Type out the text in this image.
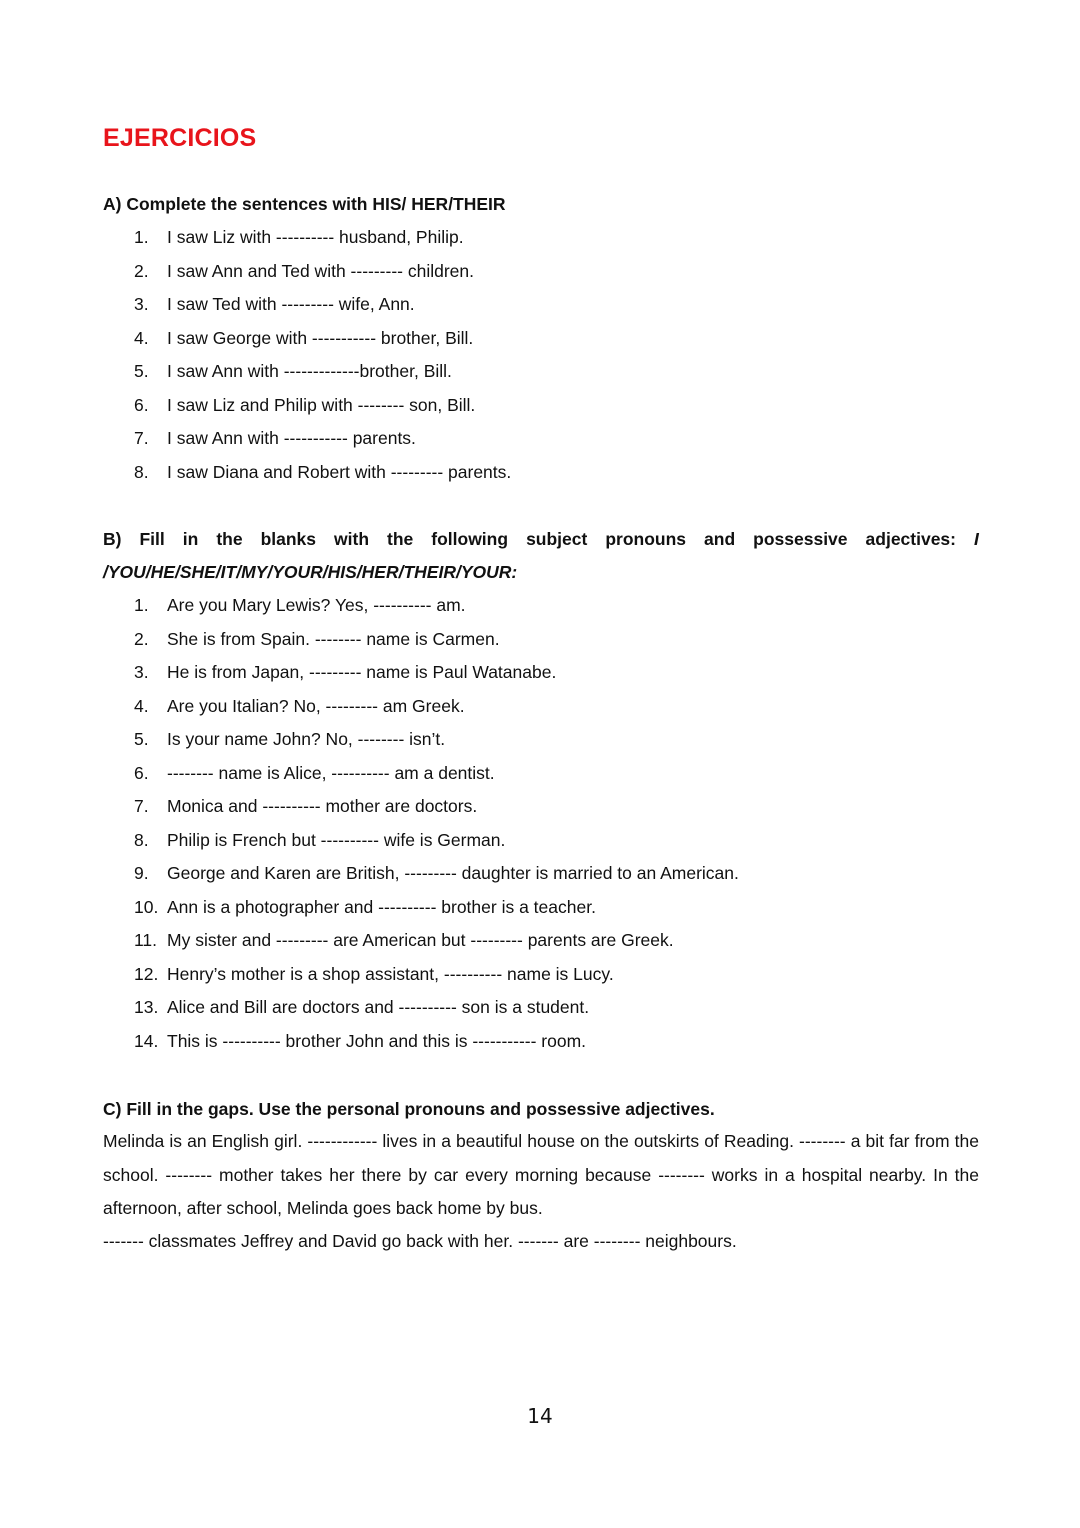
EJERCICIOS
A) Complete the sentences with HIS/ HER/THEIR
1. I saw Liz with ---------- husband, Philip.
2. I saw Ann and Ted with --------- children.
3. I saw Ted with --------- wife, Ann.
4. I saw George with ----------- brother, Bill.
5. I saw Ann with -------------brother, Bill.
6. I saw Liz and Philip with -------- son, Bill.
7. I saw Ann with ----------- parents.
8. I saw Diana and Robert with --------- parents.
B) Fill in the blanks with the following subject pronouns and possessive adjectives: I
/YOU/HE/SHE/IT/MY/YOUR/HIS/HER/THEIR/YOUR:
1. Are you Mary Lewis? Yes, ---------- am.
2. She is from Spain. -------- name is Carmen.
3. He is from Japan, --------- name is Paul Watanabe.
4. Are you Italian? No, --------- am Greek.
5. Is your name John? No, -------- isn’t.
6. -------- name is Alice, ---------- am a dentist.
7. Monica and ---------- mother are doctors.
8. Philip is French but ---------- wife is German.
9. George and Karen are British, --------- daughter is married to an American.
10. Ann is a photographer and ---------- brother is a teacher.
11. My sister and --------- are American but --------- parents are Greek.
12. Henry’s mother is a shop assistant, ---------- name is Lucy.
13. Alice and Bill are doctors and ---------- son is a student.
14. This is ---------- brother John and this is ----------- room.
C) Fill in the gaps. Use the personal pronouns and possessive adjectives.
Melinda is an English girl. ------------ lives in a beautiful house on the outskirts of Reading. -------- a bit far from the school. -------- mother takes her there by car every morning because -------- works in a hospital nearby. In the afternoon, after school, Melinda goes back home by bus.
------- classmates Jeffrey and David go back with her. ------- are -------- neighbours.
14
